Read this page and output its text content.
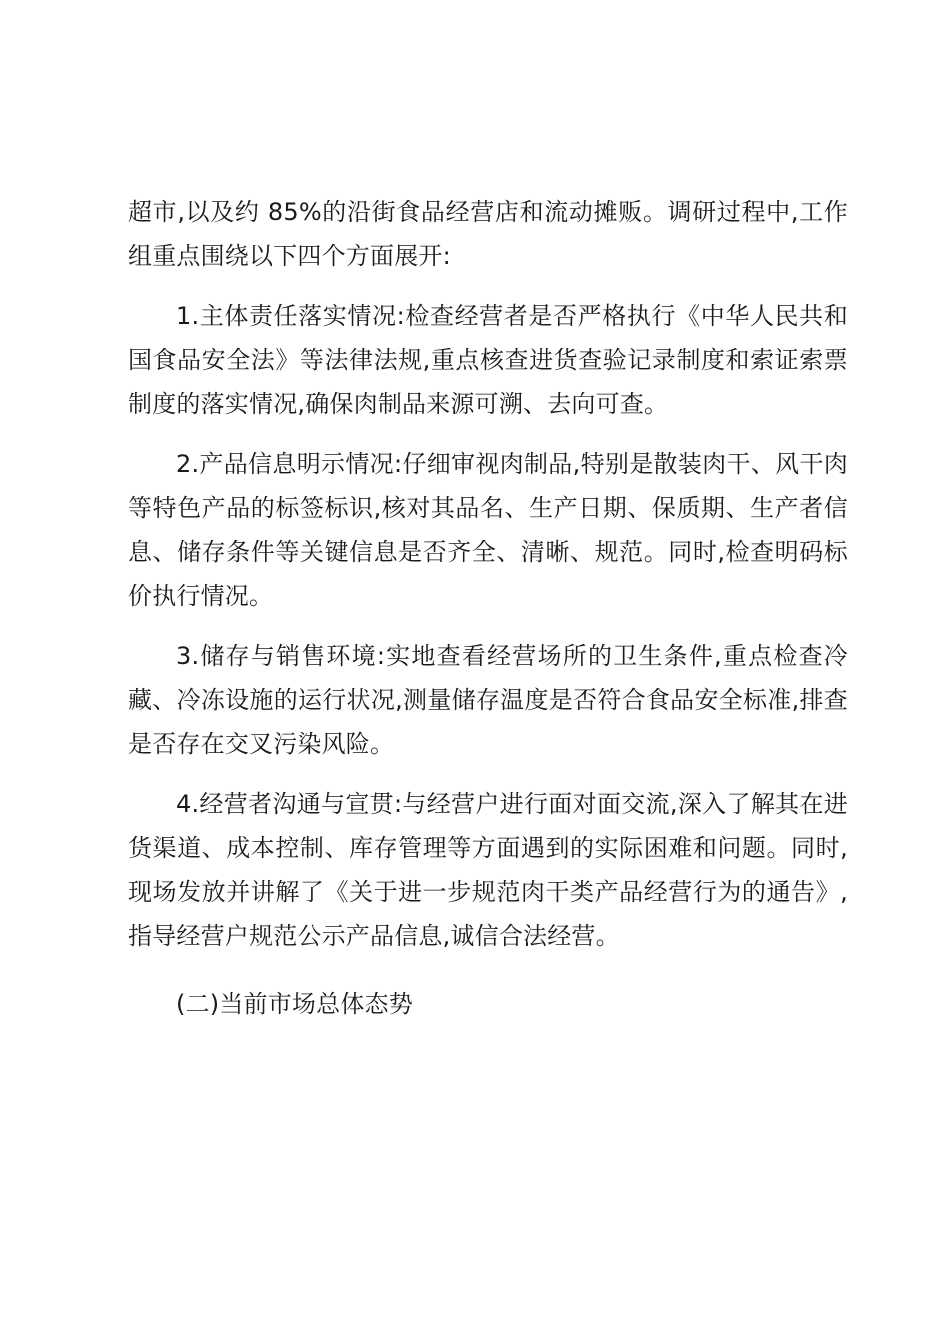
超市,以及约 85%的沿街食品经营店和流动摊贩。调研过程中,工作组重点围绕以下四个方面展开:

1.主体责任落实情况:检查经营者是否严格执行《中华人民共和国食品安全法》等法律法规,重点核查进货查验记录制度和索证索票制度的落实情况,确保肉制品来源可溯、去向可查。

2.产品信息明示情况:仔细审视肉制品,特别是散装肉干、风干肉等特色产品的标签标识,核对其品名、生产日期、保质期、生产者信息、储存条件等关键信息是否齐全、清晰、规范。同时,检查明码标价执行情况。

3.储存与销售环境:实地查看经营场所的卫生条件,重点检查冷藏、冷冻设施的运行状况,测量储存温度是否符合食品安全标准,排查是否存在交叉污染风险。

4.经营者沟通与宣贯:与经营户进行面对面交流,深入了解其在进货渠道、成本控制、库存管理等方面遇到的实际困难和问题。同时,现场发放并讲解了《关于进一步规范肉干类产品经营行为的通告》,指导经营户规范公示产品信息,诚信合法经营。

(二)当前市场总体态势
